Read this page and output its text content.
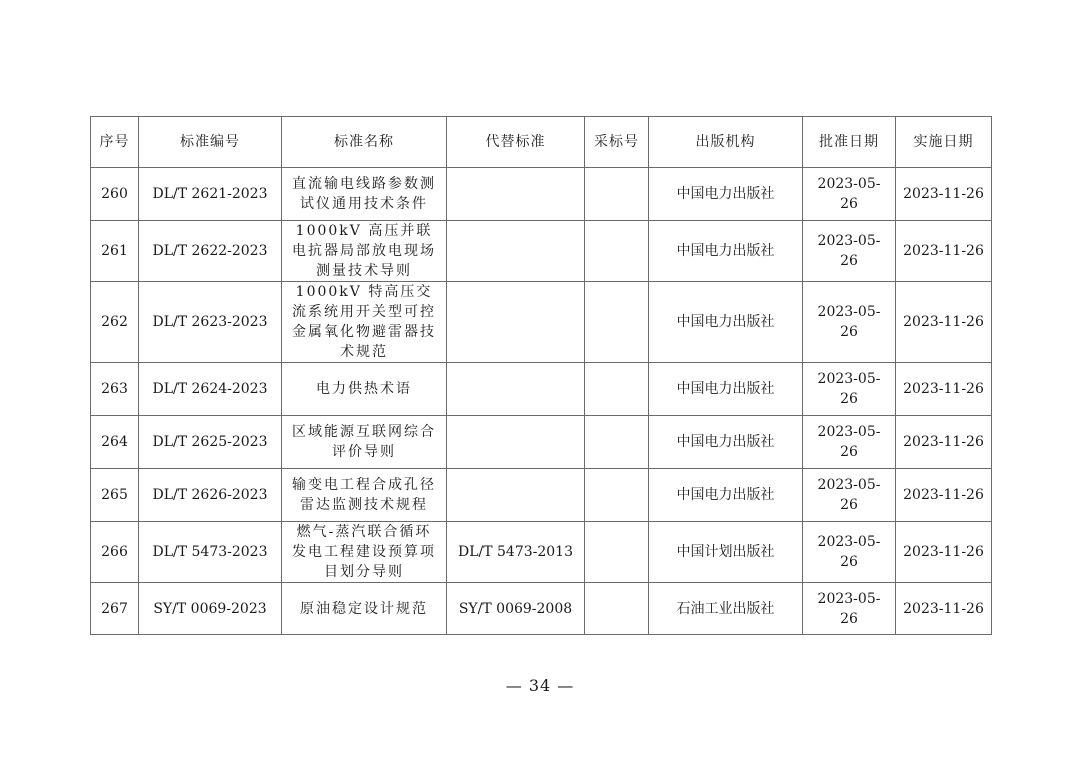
序号	标准编号	标准名称	代替标准	采标号	出版机构	批准日期	实施日期
260	DL/T 2621-2023	直流输电线路参数测试仪通用技术条件			中国电力出版社	2023-05-26	2023-11-26
261	DL/T 2622-2023	1000kV 高压并联电抗器局部放电现场测量技术导则			中国电力出版社	2023-05-26	2023-11-26
262	DL/T 2623-2023	1000kV 特高压交流系统用开关型可控金属氧化物避雷器技术规范			中国电力出版社	2023-05-26	2023-11-26
263	DL/T 2624-2023	电力供热术语			中国电力出版社	2023-05-26	2023-11-26
264	DL/T 2625-2023	区域能源互联网综合评价导则			中国电力出版社	2023-05-26	2023-11-26
265	DL/T 2626-2023	输变电工程合成孔径雷达监测技术规程			中国电力出版社	2023-05-26	2023-11-26
266	DL/T 5473-2023	燃气-蒸汽联合循环发电工程建设预算项目划分导则	DL/T 5473-2013		中国计划出版社	2023-05-26	2023-11-26
267	SY/T 0069-2023	原油稳定设计规范	SY/T 0069-2008		石油工业出版社	2023-05-26	2023-11-26
— 34 —
